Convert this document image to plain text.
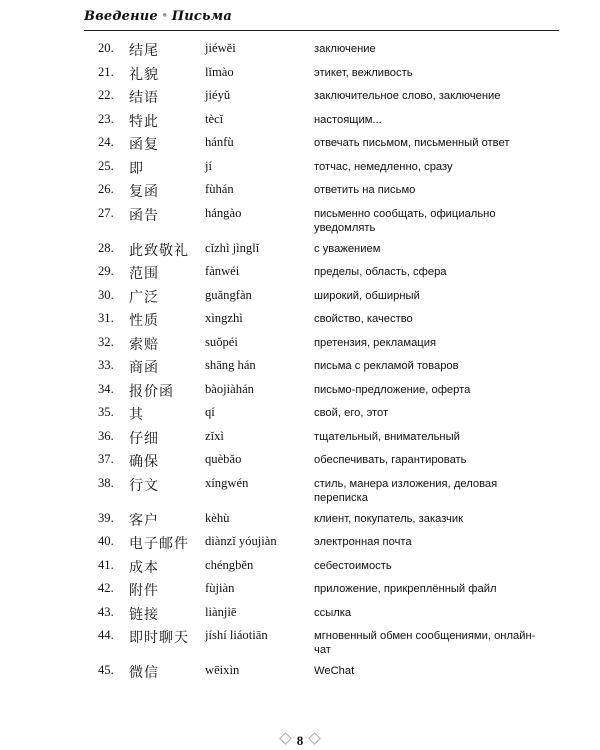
Введение • Письма
20. 结尾	jiéwěi	заключение
21. 礼貌	lǐmào	этикет, вежливость
22. 结语	jiéyǔ	заключительное слово, заключение
23. 特此	tècǐ	настоящим...
24. 函复	hánfù	отвечать письмом, письменный ответ
25. 即	jí	тотчас, немедленно, сразу
26. 复函	fùhán	ответить на письмо
27. 函告	hángào	письменно сообщать, официально уведомлять
28. 此致敬礼 cǐzhì jìnglǐ	с уважением
29. 范围	fànwéi	пределы, область, сфера
30. 广泛	guǎngfàn	широкий, обширный
31. 性质	xìngzhì	свойство, качество
32. 索赔	suǒpéi	претензия, рекламация
33. 商函	shāng hán	письма с рекламой товаров
34. 报价函 bàojiàhán	письмо-предложение, оферта
35. 其	qí	свой, его, этот
36. 仔细	zǐxì	тщательный, внимательный
37. 确保	quèbǎo	обеспечивать, гарантировать
38. 行文	xíngwén	стиль, манера изложения, деловая переписка
39. 客户	kèhù	клиент, покупатель, заказчик
40. 电子邮件 diànzǐ yóujiàn	электронная почта
41. 成本	chéngběn	себестоимость
42. 附件	fùjiàn	приложение, прикреплённый файл
43. 链接	liànjiē	ссылка
44. 即时聊天 jíshí liáotiān	мгновенный обмен сообщениями, онлайн-чат
45. 微信	wēixìn	WeChat
8
